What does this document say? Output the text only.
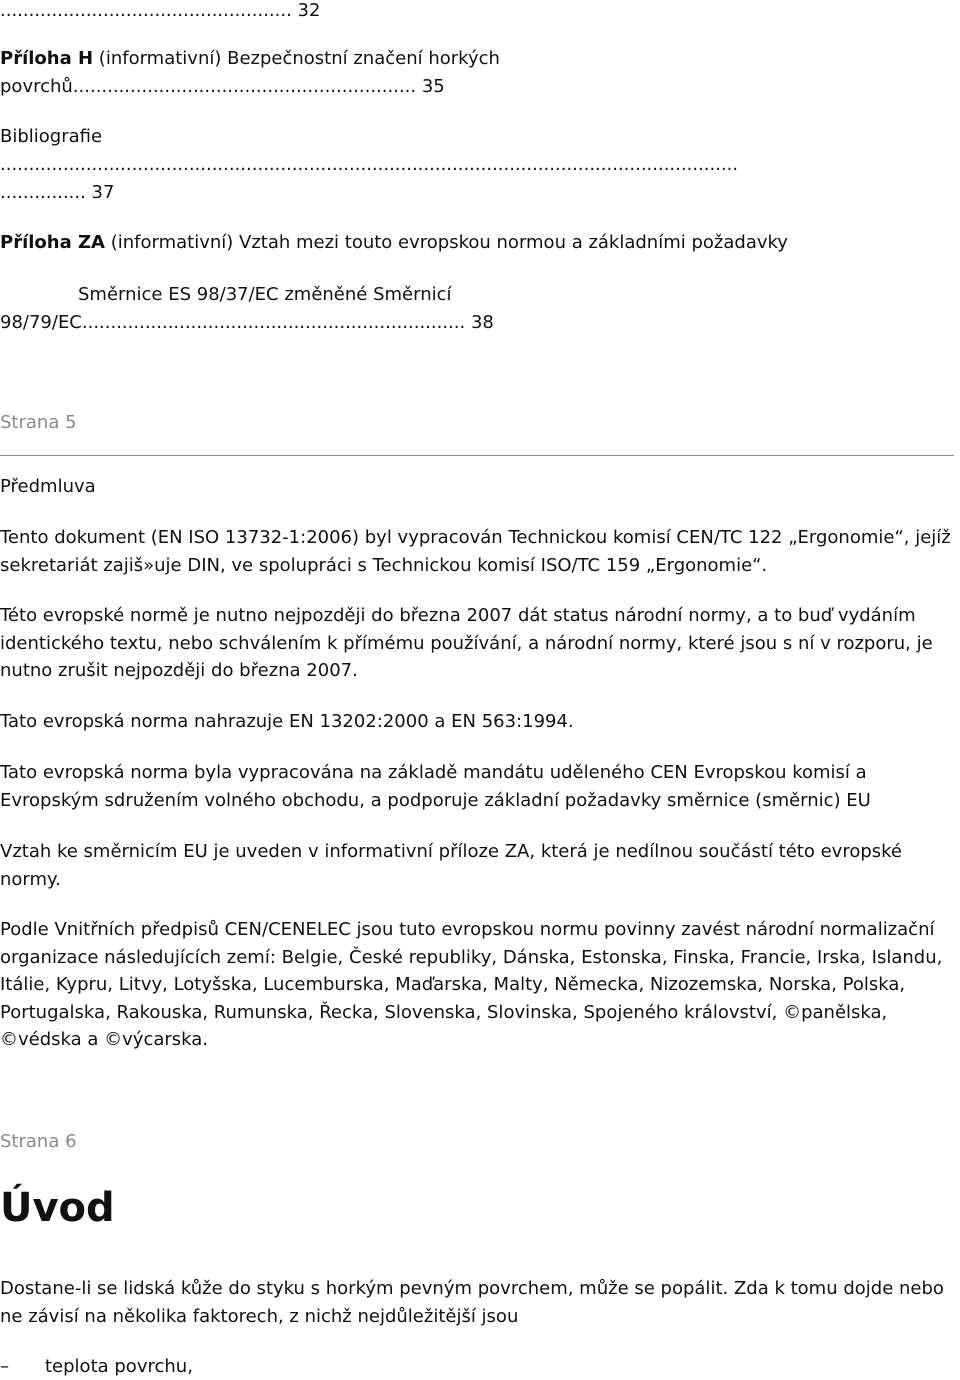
................................................... 32
Příloha H (informativní) Bezpečnostní značení horkých
povrchů............................................................ 35
Bibliografie
.................................................................................................................................
............... 37
Příloha ZA (informativní) Vztah mezi touto evropskou normou a základními požadavky
Směrnice ES 98/37/EC změněné Směrnicí
98/79/EC................................................................... 38
Strana 5
Předmluva

Tento dokument (EN ISO 13732-1:2006) byl vypracován Technickou komisí CEN/TC 122 „Ergonomie“, jejíž sekretariát zajiš»uje DIN, ve spolupráci s Technickou komisí ISO/TC 159 „Ergonomie“.

Této evropské normě je nutno nejpozději do března 2007 dát status národní normy, a to buď vydáním identického textu, nebo schválením k přímému používání, a národní normy, které jsou s ní v rozporu, je nutno zrušit nejpozději do března 2007.

Tato evropská norma nahrazuje EN 13202:2000 a EN 563:1994.

Tato evropská norma byla vypracována na základě mandátu uděleného CEN Evropskou komisí a Evropským sdružením volného obchodu, a podporuje základní požadavky směrnice (směrnic) EU

Vztah ke směrnicím EU je uveden v informativní příloze ZA, která je nedílnou součástí této evropské normy.

Podle Vnitřních předpisů CEN/CENELEC jsou tuto evropskou normu povinny zavést národní normalizační organizace následujících zemí: Belgie, České republiky, Dánska, Estonska, Finska, Francie, Irska, Islandu, Itálie, Kypru, Litvy, Lotyšska, Lucemburska, Maďarska, Malty, Německa, Nizozemska, Norska, Polska, Portugalska, Rakouska, Rumunska, Řecka, Slovenska, Slovinska, Spojeného království, ©panělska, ©védska a ©výcarska.

Strana 6
Úvod

Dostane-li se lidská kůže do styku s horkým pevným povrchem, může se popálit. Zda k tomu dojde nebo ne závisí na několika faktorech, z nichž nejdůležitější jsou

– teplota povrchu,
